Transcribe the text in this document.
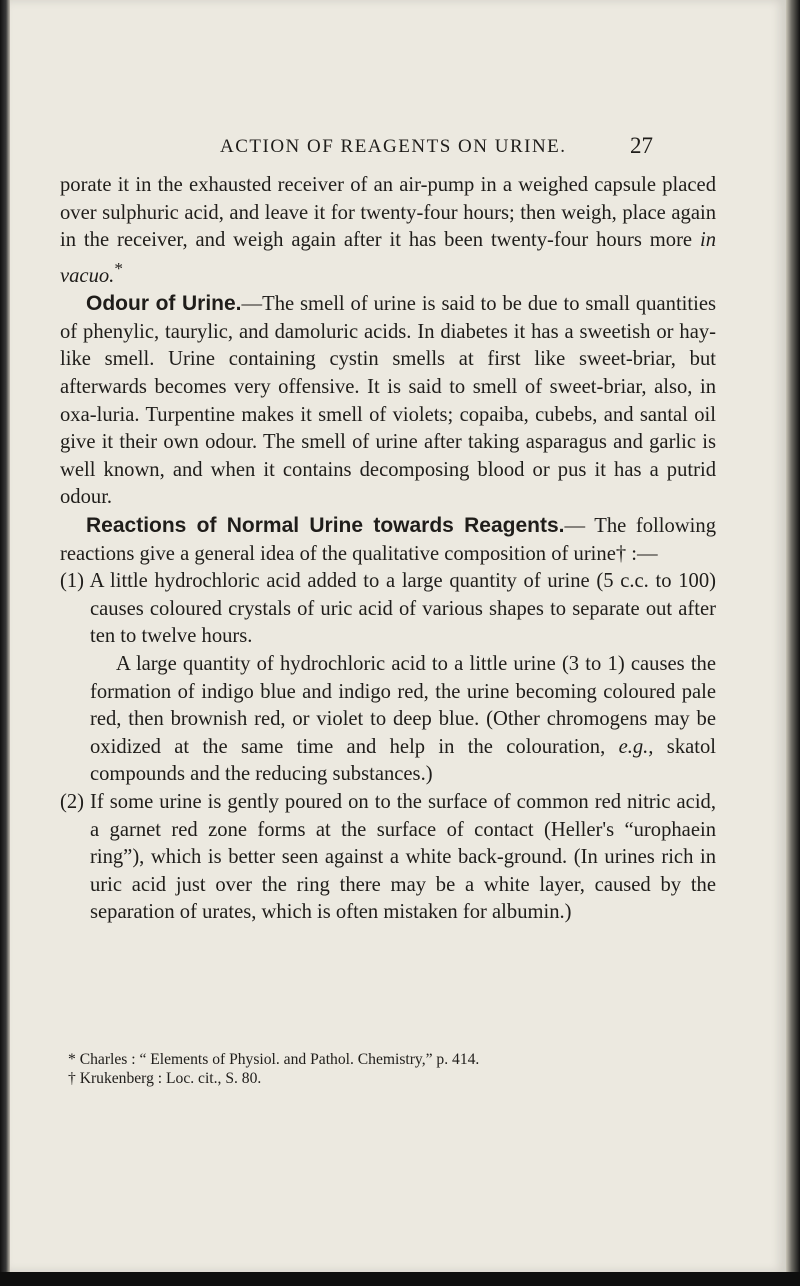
ACTION OF REAGENTS ON URINE.	27

porate it in the exhausted receiver of an air-pump in a weighed capsule placed over sulphuric acid, and leave it for twenty-four hours; then weigh, place again in the receiver, and weigh again after it has been twenty-four hours more in vacuo.*

Odour of Urine.—The smell of urine is said to be due to small quantities of phenylic, taurylic, and damoluric acids. In diabetes it has a sweetish or hay-like smell. Urine containing cystin smells at first like sweet-briar, but afterwards becomes very offensive. It is said to smell of sweet-briar, also, in oxa-luria. Turpentine makes it smell of violets; copaiba, cubebs, and santal oil give it their own odour. The smell of urine after taking asparagus and garlic is well known, and when it contains decomposing blood or pus it has a putrid odour.

Reactions of Normal Urine towards Reagents.— The following reactions give a general idea of the qualitative composition of urine† :—

(1) A little hydrochloric acid added to a large quantity of urine (5 c.c. to 100) causes coloured crystals of uric acid of various shapes to separate out after ten to twelve hours.

A large quantity of hydrochloric acid to a little urine (3 to 1) causes the formation of indigo blue and indigo red, the urine becoming coloured pale red, then brownish red, or violet to deep blue. (Other chromogens may be oxidized at the same time and help in the colouration, e.g., skatol compounds and the reducing substances.)

(2) If some urine is gently poured on to the surface of common red nitric acid, a garnet red zone forms at the surface of contact (Heller's “urophaein ring”), which is better seen against a white back-ground. (In urines rich in uric acid just over the ring there may be a white layer, caused by the separation of urates, which is often mistaken for albumin.)

* Charles : “ Elements of Physiol. and Pathol. Chemistry,” p. 414.
† Krukenberg : Loc. cit., S. 80.
